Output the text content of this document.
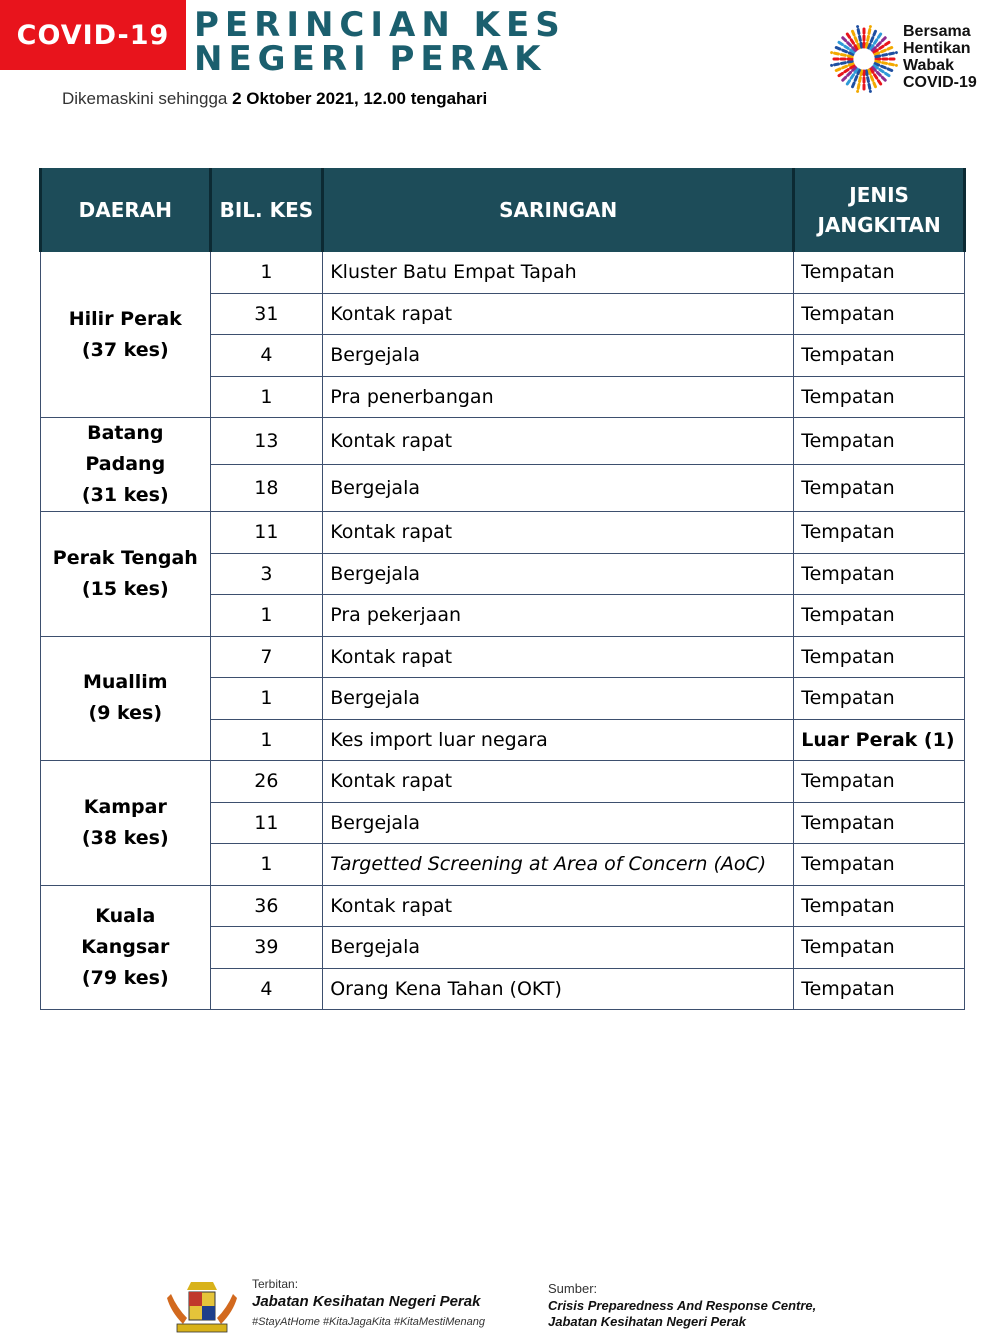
COVID-19 PERINCIAN KES
NEGERI PERAK
Dikemaskini sehingga 2 Oktober 2021, 12.00 tengahari
Bersama
Hentikan
Wabak
COVID-19
DAERAH	BIL. KES	SARINGAN	JENIS JANGKITAN

Hilir Perak
(37 kes)	1	Kluster Batu Empat Tapah	Tempatan
	31	Kontak rapat	Tempatan
	4	Bergejala	Tempatan
	1	Pra penerbangan	Tempatan

Batang Padang
(31 kes)	13	Kontak rapat	Tempatan
	18	Bergejala	Tempatan

Perak Tengah
(15 kes)	11	Kontak rapat	Tempatan
	3	Bergejala	Tempatan
	1	Pra pekerjaan	Tempatan

Muallim
(9 kes)	7	Kontak rapat	Tempatan
	1	Bergejala	Tempatan
	1	Kes import luar negara	Luar Perak (1)

Kampar
(38 kes)	26	Kontak rapat	Tempatan
	11	Bergejala	Tempatan
	1	Targetted Screening at Area of Concern (AoC)	Tempatan

Kuala Kangsar
(79 kes)	36	Kontak rapat	Tempatan
	39	Bergejala	Tempatan
	4	Orang Kena Tahan (OKT)	Tempatan
Terbitan:
Jabatan Kesihatan Negeri Perak
#StayAtHome #KitaJagaKita #KitaMestiMenang
Sumber:
Crisis Preparedness And Response Centre,
Jabatan Kesihatan Negeri Perak
